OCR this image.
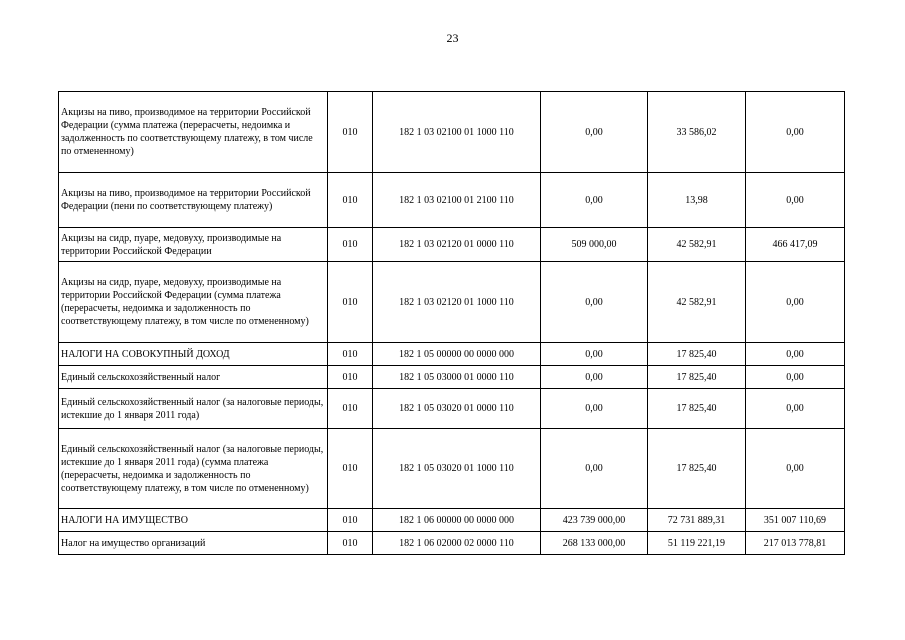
23
Акцизы на пиво, производимое на территории Российской Федерации (сумма платежа (перерасчеты, недоимка и задолженность по соответствующему платежу, в том числе по отмененному)	010	182 1 03 02100 01 1000 110	0,00	33 586,02	0,00
Акцизы на пиво, производимое на территории Российской Федерации (пени по соответствующему платежу)	010	182 1 03 02100 01 2100 110	0,00	13,98	0,00
Акцизы на сидр, пуаре, медовуху, производимые на территории Российской Федерации	010	182 1 03 02120 01 0000 110	509 000,00	42 582,91	466 417,09
Акцизы на сидр, пуаре, медовуху, производимые на территории Российской Федерации (сумма платежа (перерасчеты, недоимка и задолженность по соответствующему платежу, в том числе по отмененному)	010	182 1 03 02120 01 1000 110	0,00	42 582,91	0,00
НАЛОГИ НА СОВОКУПНЫЙ ДОХОД	010	182 1 05 00000 00 0000 000	0,00	17 825,40	0,00
Единый сельскохозяйственный налог	010	182 1 05 03000 01 0000 110	0,00	17 825,40	0,00
Единый сельскохозяйственный налог (за налоговые периоды, истекшие до 1 января 2011 года)	010	182 1 05 03020 01 0000 110	0,00	17 825,40	0,00
Единый сельскохозяйственный налог (за налоговые периоды, истекшие до 1 января 2011 года) (сумма платежа (перерасчеты, недоимка и задолженность по соответствующему платежу, в том числе по отмененному)	010	182 1 05 03020 01 1000 110	0,00	17 825,40	0,00
НАЛОГИ НА ИМУЩЕСТВО	010	182 1 06 00000 00 0000 000	423 739 000,00	72 731 889,31	351 007 110,69
Налог на имущество организаций	010	182 1 06 02000 02 0000 110	268 133 000,00	51 119 221,19	217 013 778,81
